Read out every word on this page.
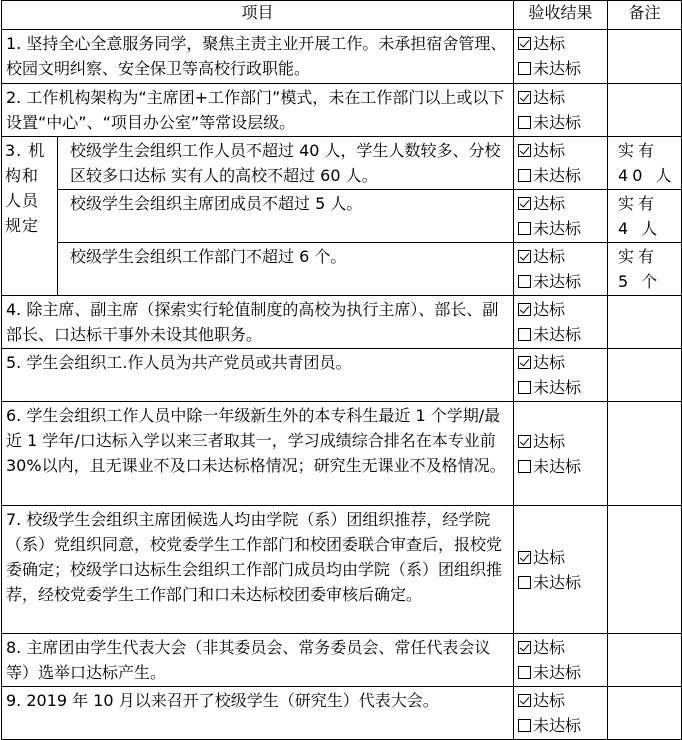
项目		验收结果	备注
1. 坚持全心全意服务同学，聚焦主责主业开展工作。未承担宿舍管理、校园文明纠察、安全保卫等高校行政职能。		达标
未达标	

2. 工作机构架构为“主席团+工作部门”模式，未在工作部门以上或以下设置“中心”、“项目办公室”等常设层级。		达标
未达标	

3. 机构和人员规定	校级学生会组织工作人员不超过 40 人，学生人数较多、分校区较多口达标 实有人的高校不超过 60 人。	达标
未达标	实有 40 人
	校级学生会组织主席团成员不超过 5 人。	达标
未达标	实有 4 人
	校级学生会组织工作部门不超过 6 个。	达标
未达标	实有 5 个
4. 除主席、副主席（探索实行轮值制度的高校为执行主席）、部长、副部长、口达标干事外未设其他职务。		达标
未达标	

5. 学生会组织工.作人员为共产党员或共青团员。		达标
未达标	

6. 学生会组织工作人员中除一年级新生外的本专科生最近 1 个学期/最近 1 学年/口达标入学以来三者取其一，学习成绩综合排名在本专业前 30%以内，且无课业不及口未达标格情况；研究生无课业不及格情况。		达标
未达标	

7. 校级学生会组织主席团候选人均由学院（系）团组织推荐，经学院（系）党组织同意，校党委学生工作部门和校团委联合审查后，报校党委确定；校级学口达标生会组织工作部门成员均由学院（系）团组织推荐，经校党委学生工作部门和口未达标校团委审核后确定。		达标
未达标	

8. 主席团由学生代表大会（非其委员会、常务委员会、常任代表会议等）选举口达标产生。		达标
未达标	

9. 2019 年 10 月以来召开了校级学生（研究生）代表大会。		达标
未达标	
